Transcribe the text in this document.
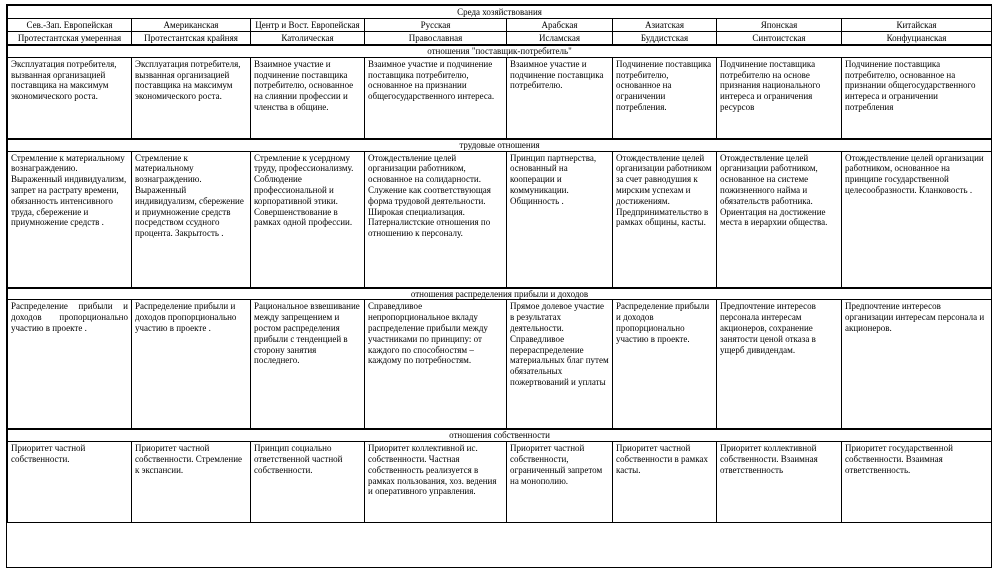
Среда хозяйствования							
Сев.-Зап. Европейская	Американская	Центр и Вост. Европейская	Русская	Арабская	Азиатская	Японская	Китайская
Протестантская умеренная	Протестантская крайняя	Католическая	Православная	Исламская	Буддистская	Синтоистская	Конфуцианская
отношения "поставщик-потребитель"							
Эксплуатация потребителя, вызванная организацией поставщика на максимум экономического роста.	Эксплуатация потребителя, вызванная организацией поставщика на максимум экономического роста.	Взаимное участие и подчинение поставщика потребителю, основанное на слиянии профессии и членства в общине.	Взаимное участие и подчинение поставщика потребителю, основанное на признании общегосударственного интереса.	Взаимное участие и подчинение поставщика потребителю.	Подчинение поставщика потребителю, основанное на ограничении потребления.	Подчинение поставщика потребителю на основе признания национального интереса и ограничения ресурсов	Подчинение поставщика потребителю, основанное на признании общегосударственного интереса и ограничении потребления
трудовые отношения							
Стремление к материальному вознаграждению. Выраженный индивидуализм, запрет на растрату времени, обязанность интенсивного труда, сбережение и приумножение средств .	Стремление к материальному вознаграждению. Выраженный индивидуализм, сбережение и приумножение средств посредством ссудного процента. Закрытость .	Стремление к усердному труду, профессионализму. Соблюдение профессиональной и корпоративной этики. Совершенствование в рамках одной профессии.	Отождествление целей организации работником, основанное на солидарности. Служение как соответствующая форма трудовой деятельности. Широкая специализация. Патерналистские отношения по отношению к персоналу.	Принцип партнерства, основанный на кооперации и коммуникации. Общинность .	Отождествление целей организации работником за счет равнодушия к мирским успехам и достижениям. Предпринимательство в рамках общины, касты.	Отождествление целей организации работником, основанное на системе пожизненного найма и обязательств работника. Ориентация на достижение места в иерархии общества.	Отождествление целей организации работником, основанное на принципе государственной целесообразности. Кланковость .
отношения распределения прибыли и доходов							
Распределение прибыли и доходов пропорционально участию в проекте .	Распределение прибыли и доходов пропорционально участию в проекте .	Рациональное взвешивание между запрещением и ростом распределения прибыли с тенденцией в сторону занятия последнего.	Справедливое непропорциональное вкладу распределение прибыли между участниками по принципу: от каждого по способностям – каждому по потребностям.	Прямое долевое участие в результатах деятельности. Справедливое перераспределение материальных благ путем обязательных пожертвований и уплаты	Распределение прибыли и доходов пропорционально участию в проекте.	Предпочтение интересов персонала интересам акционеров, сохранение занятости ценой отказа в ущерб дивидендам.	Предпочтение интересов организации интересам персонала и акционеров.
отношения собственности							
Приоритет частной собственности.	Приоритет частной собственности. Стремление к экспансии.	Принцип социально ответственной частной собственности.	Приоритет коллективной ис. собственности. Частная собственность реализуется в рамках пользования, хоз. ведения и оперативного управления.	Приоритет частной собственности, ограниченный запретом на монополию.	Приоритет частной собственности в рамках касты.	Приоритет коллективной собственности. Взаимная ответственность	Приоритет государственной собственности. Взаимная ответственность.
